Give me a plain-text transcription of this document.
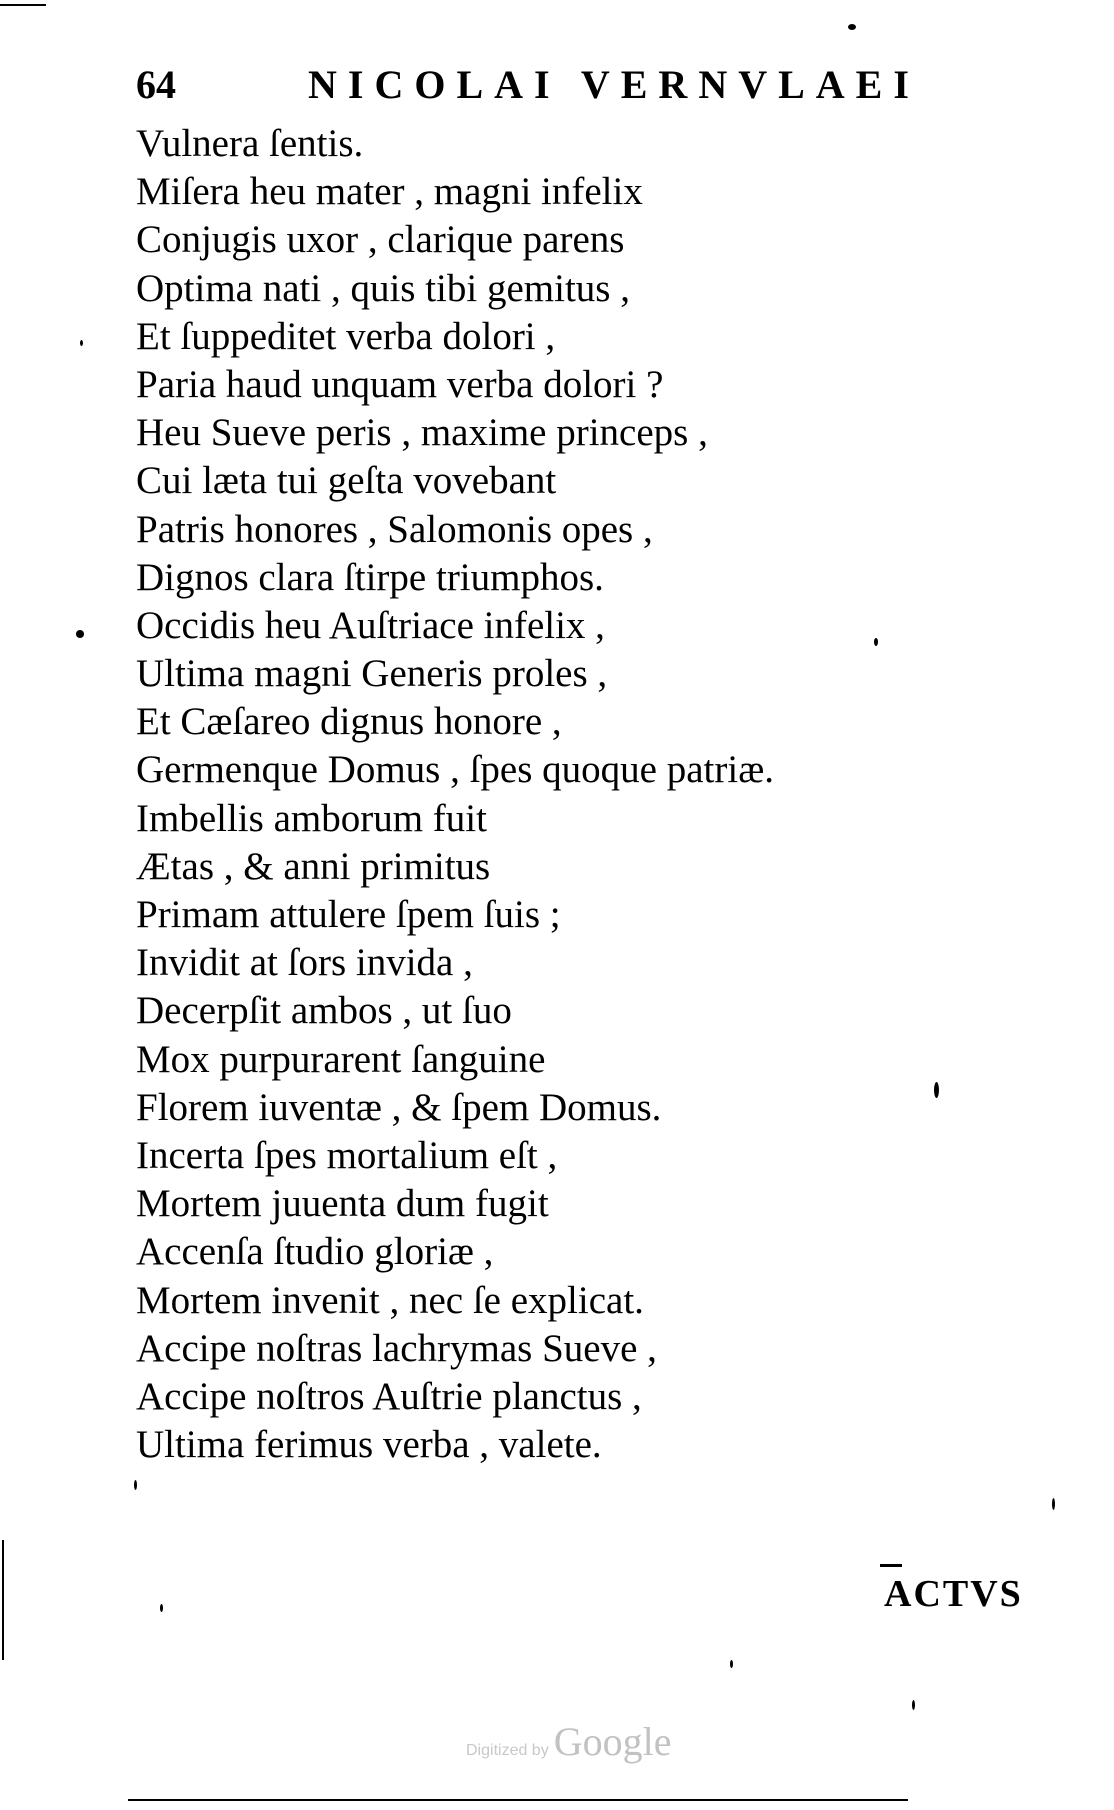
64	NICOLAI VERNVLAEI
Vulnera ſentis.
Miſera heu mater , magni infelix
Conjugis uxor , clarique parens
Optima nati , quis tibi gemitus ,
Et ſuppeditet verba dolori ,
Paria haud unquam verba dolori ?
Heu Sueve peris , maxime princeps ,
Cui læta tui geſta vovebant
Patris honores , Salomonis opes ,
Dignos clara ſtirpe triumphos.
Occidis heu Auſtriace infelix ,
Ultima magni Generis proles ,
Et Cæſareo dignus honore ,
Germenque Domus , ſpes quoque patriæ.
Imbellis amborum fuit
Ætas , & anni primitus
Primam attulere ſpem ſuis ;
Invidit at ſors invida ,
Decerpſit ambos , ut ſuo
Mox purpurarent ſanguine
Florem iuventæ , & ſpem Domus.
Incerta ſpes mortalium eſt ,
Mortem juuenta dum fugit
Accenſa ſtudio gloriæ ,
Mortem invenit , nec ſe explicat.
Accipe noſtras lachrymas Sueve ,
Accipe noſtros Auſtrie planctus ,
Ultima ferimus verba , valete.
ACTVS
Digitized by Google
